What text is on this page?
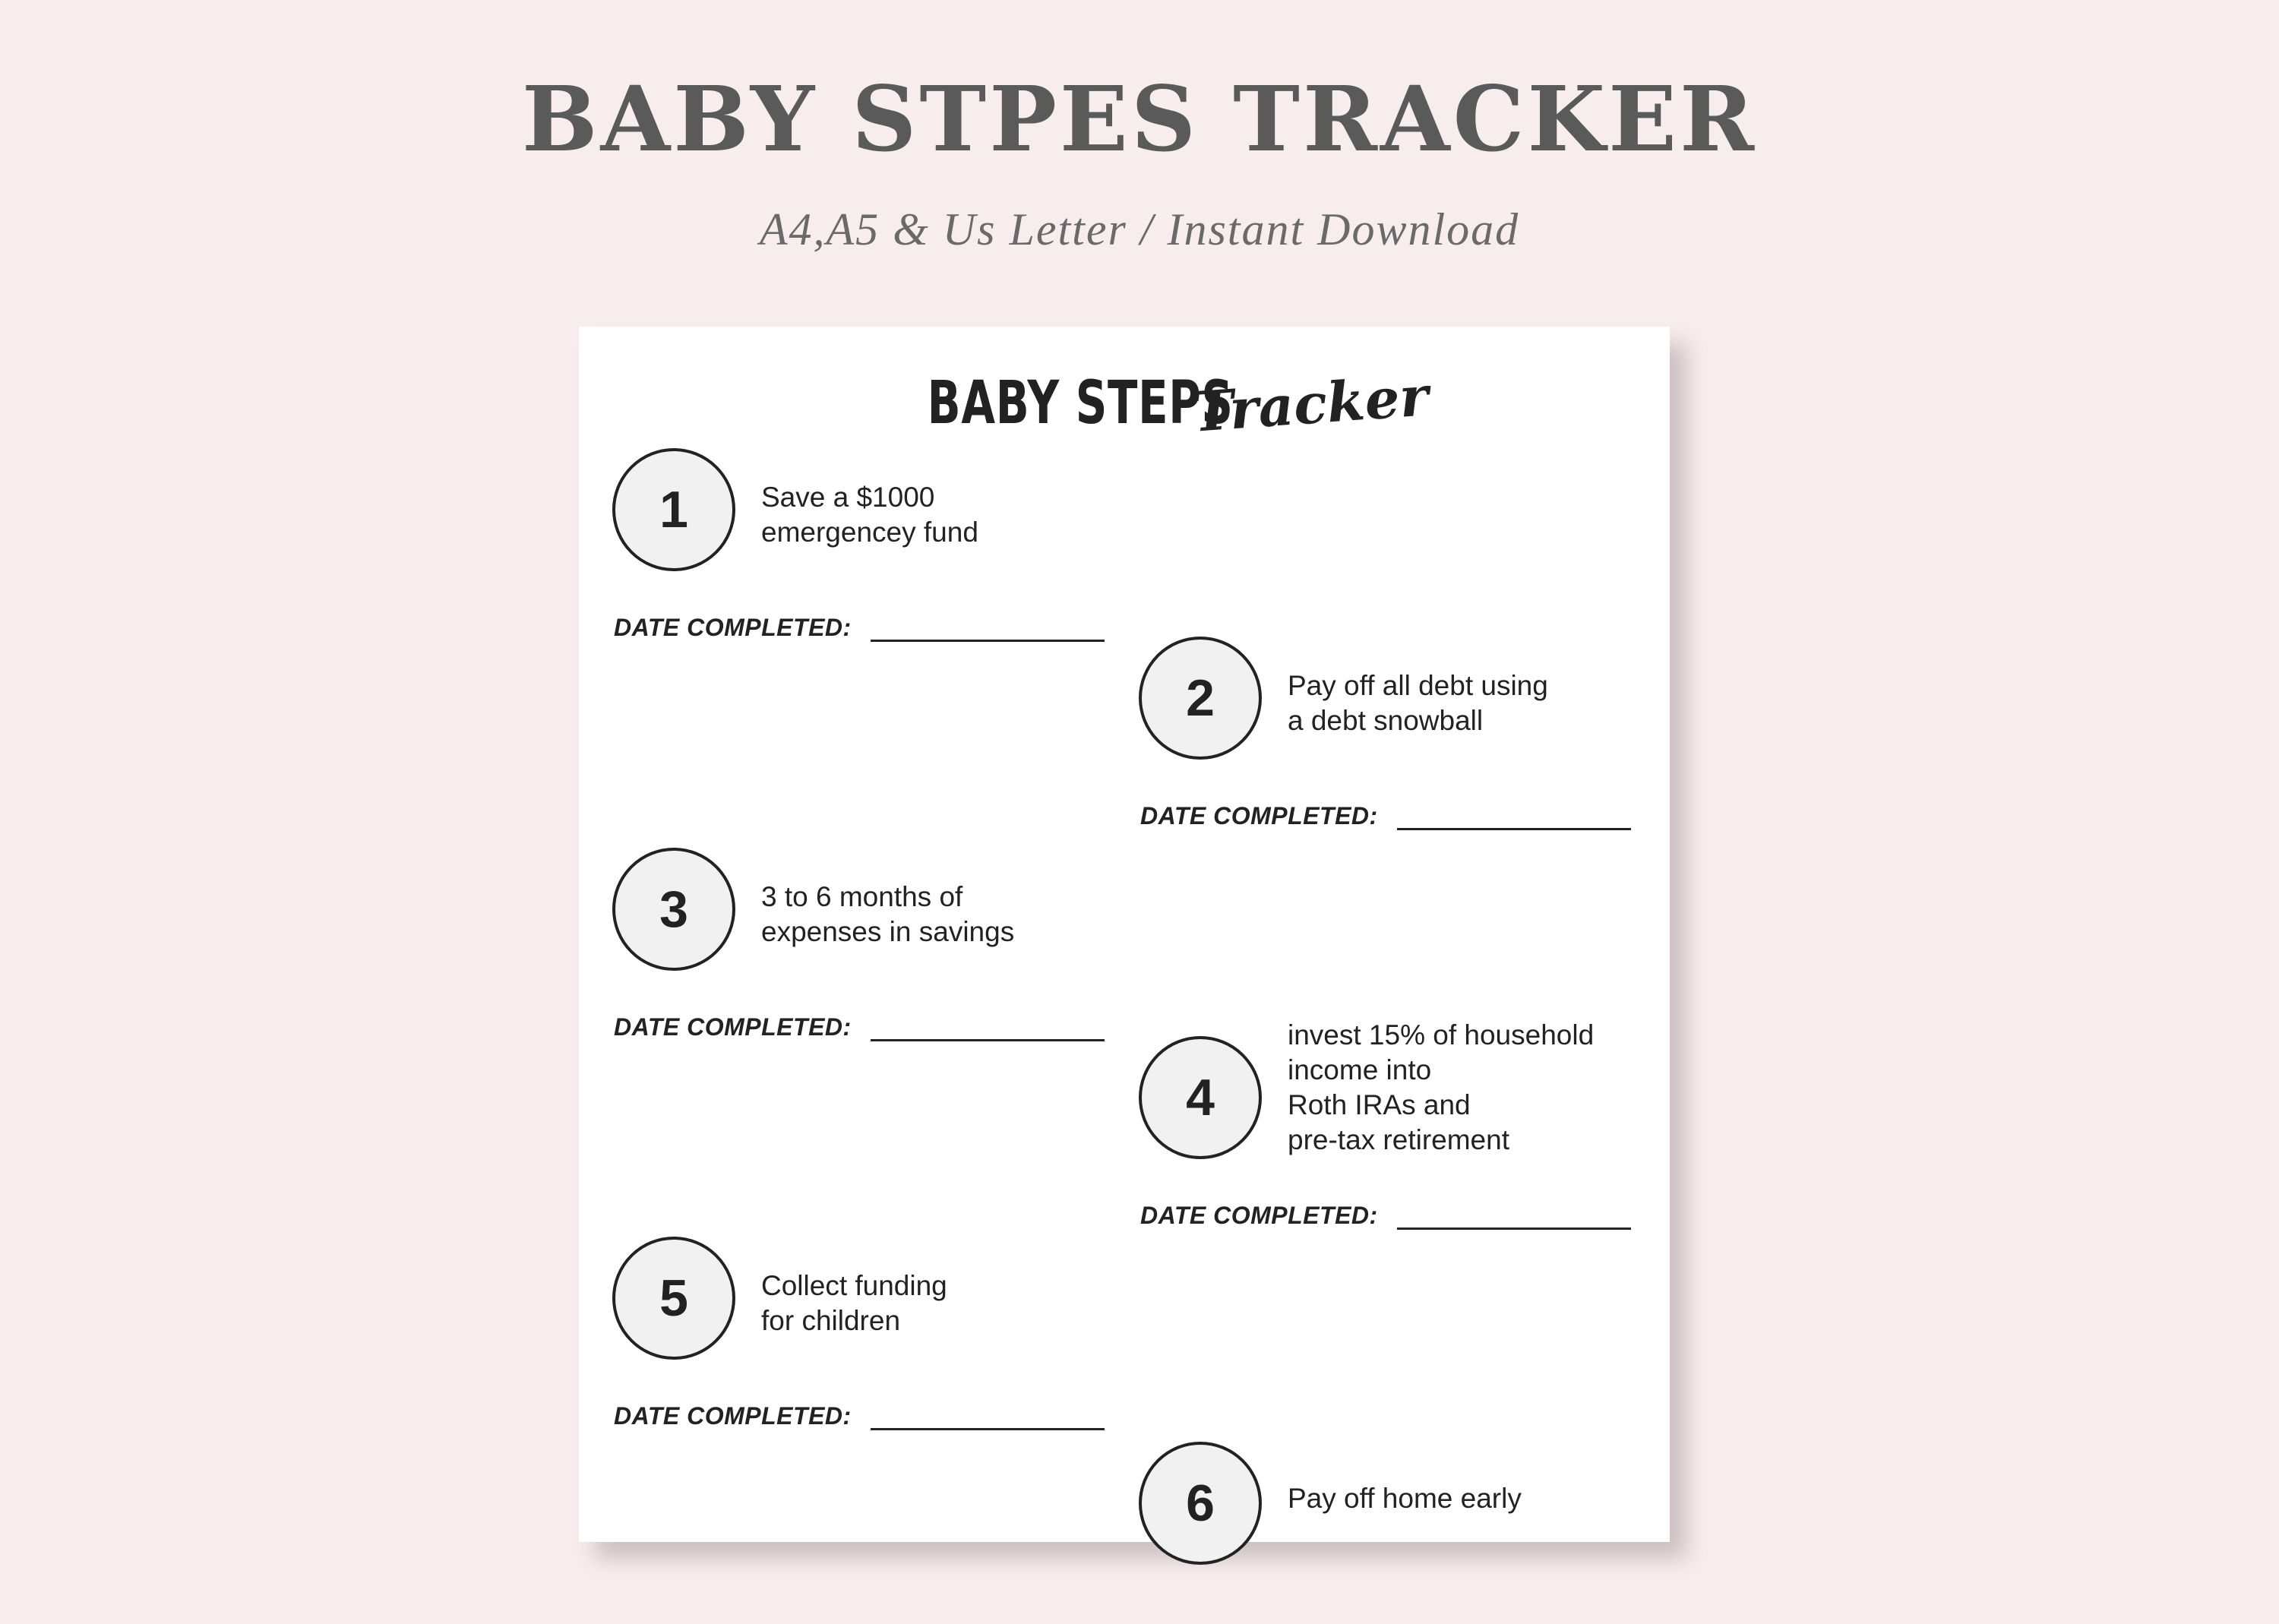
BABY STPES TRACKER

A4,A5 & Us Letter / Instant Download

BABY STEPS Tracker
1	Save a $1000
emergencey fund
DATE COMPLETED:
2	Pay off all debt using
a debt snowball
DATE COMPLETED:
3	3 to 6 months of
expenses in savings
DATE COMPLETED:
4
invest 15% of household
income into
Roth IRAs and
pre-tax retirement
DATE COMPLETED:
5	Collect funding
for children
DATE COMPLETED:
6	Pay off home early
